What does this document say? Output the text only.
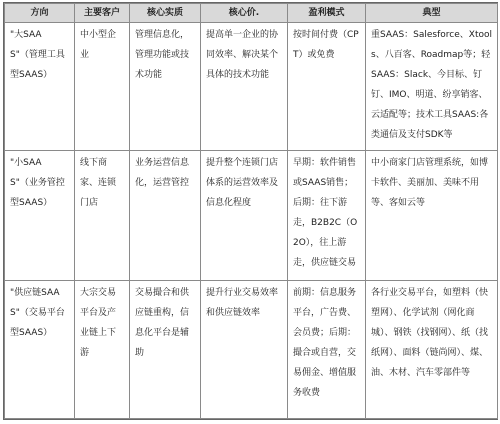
方向	主要客户	核心实质	核心价.	盈利模式	典型
"大SAAS"（管理工具型SAAS）	中小型企业	管理信息化，管理功能或技术功能	提高单一企业的协同效率、解决某个具体的技术功能	按时间付费（CPT）或免费	重SAAS：Salesforce、Xtools、八百客、Roadmap等；轻SAAS：Slack、今目标、钉钉、IMO、明道、纷享销客、云适配等；技术工具SAAS:各类通信及支付SDK等
"小SAAS"（业务管控型SAAS）	线下商家、连锁门店	业务运营信息化，运营管控	提升整个连锁门店体系的运营效率及信息化程度	早期：软件销售或SAAS销售；后期：往下游走，B2B2C（O2O），往上游走，供应链交易	中小商家门店管理系统，如博卡软件、美丽加、美味不用等、客如云等
"供应链SAAS"（交易平台型SAAS）	大宗交易平台及产业链上下游	交易撮合和供应链重构，信息化平台是辅助	提升行业交易效率和供应链效率	前期：信息服务平台，广告费、会员费；后期：撮合或自营，交易佣金、增值服务收费	各行业交易平台，如塑料（快塑网）、化学试剂（网化商城）、钢铁（找钢网）、纸（找纸网）、面料（链尚网）、煤、油、木材、汽车零部件等
